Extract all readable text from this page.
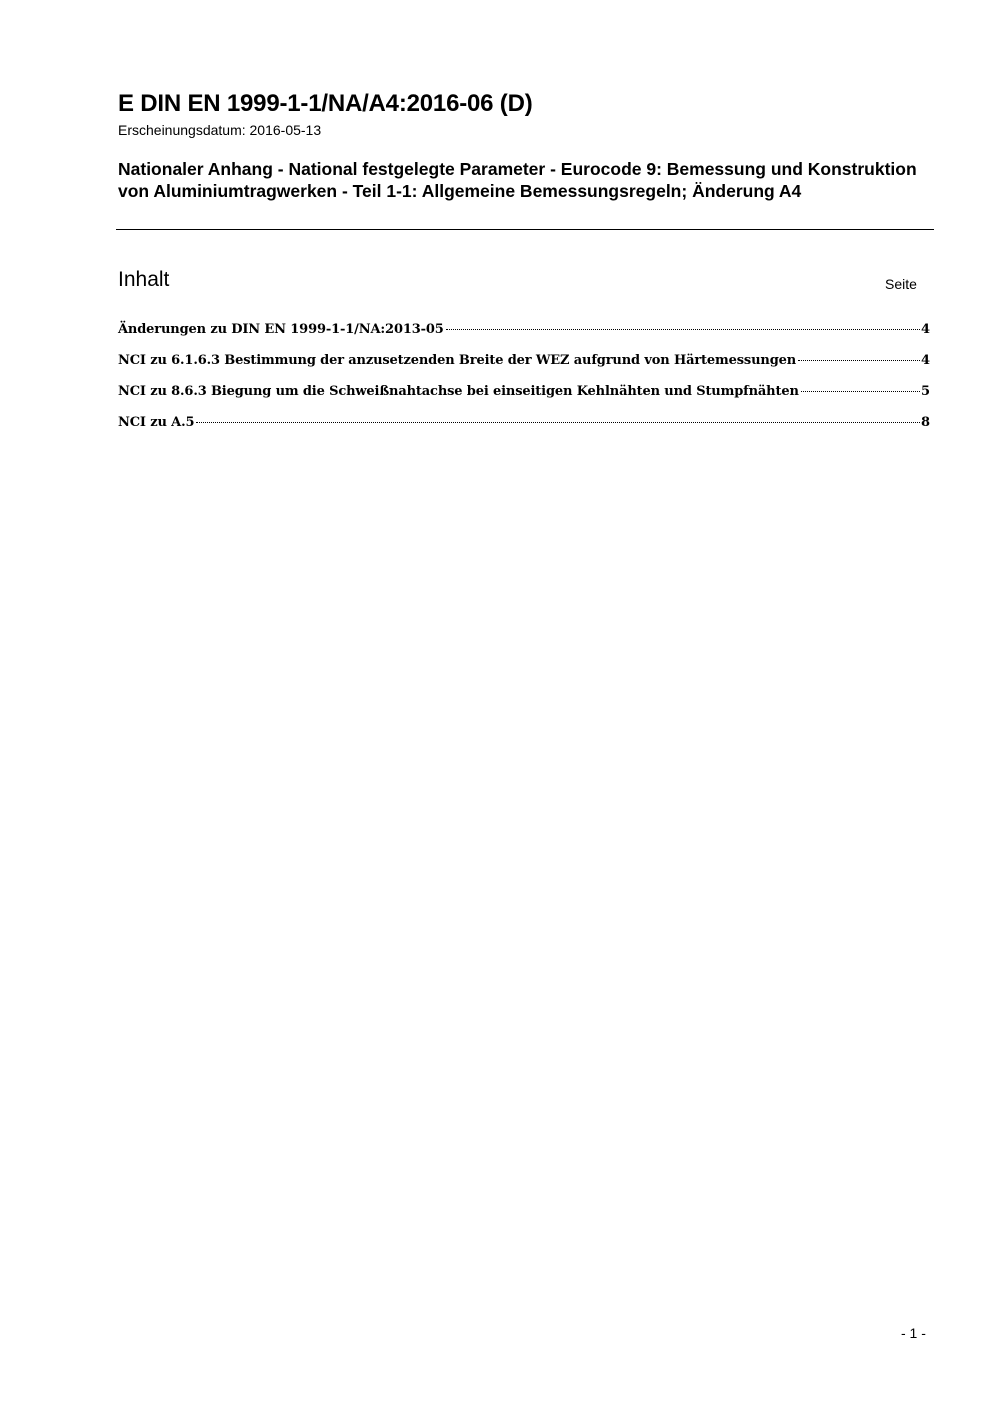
E DIN EN 1999-1-1/NA/A4:2016-06 (D)
Erscheinungsdatum: 2016-05-13
Nationaler Anhang - National festgelegte Parameter - Eurocode 9: Bemessung und Konstruktion von Aluminiumtragwerken - Teil 1-1: Allgemeine Bemessungsregeln; Änderung A4
Inhalt	Seite
Änderungen zu DIN EN 1999-1-1/NA:2013-05	4
NCI zu 6.1.6.3 Bestimmung der anzusetzenden Breite der WEZ aufgrund von Härtemessungen	4
NCI zu 8.6.3 Biegung um die Schweißnahtachse bei einseitigen Kehlnähten und Stumpfnähten	5
NCI zu A.5	8
- 1 -
